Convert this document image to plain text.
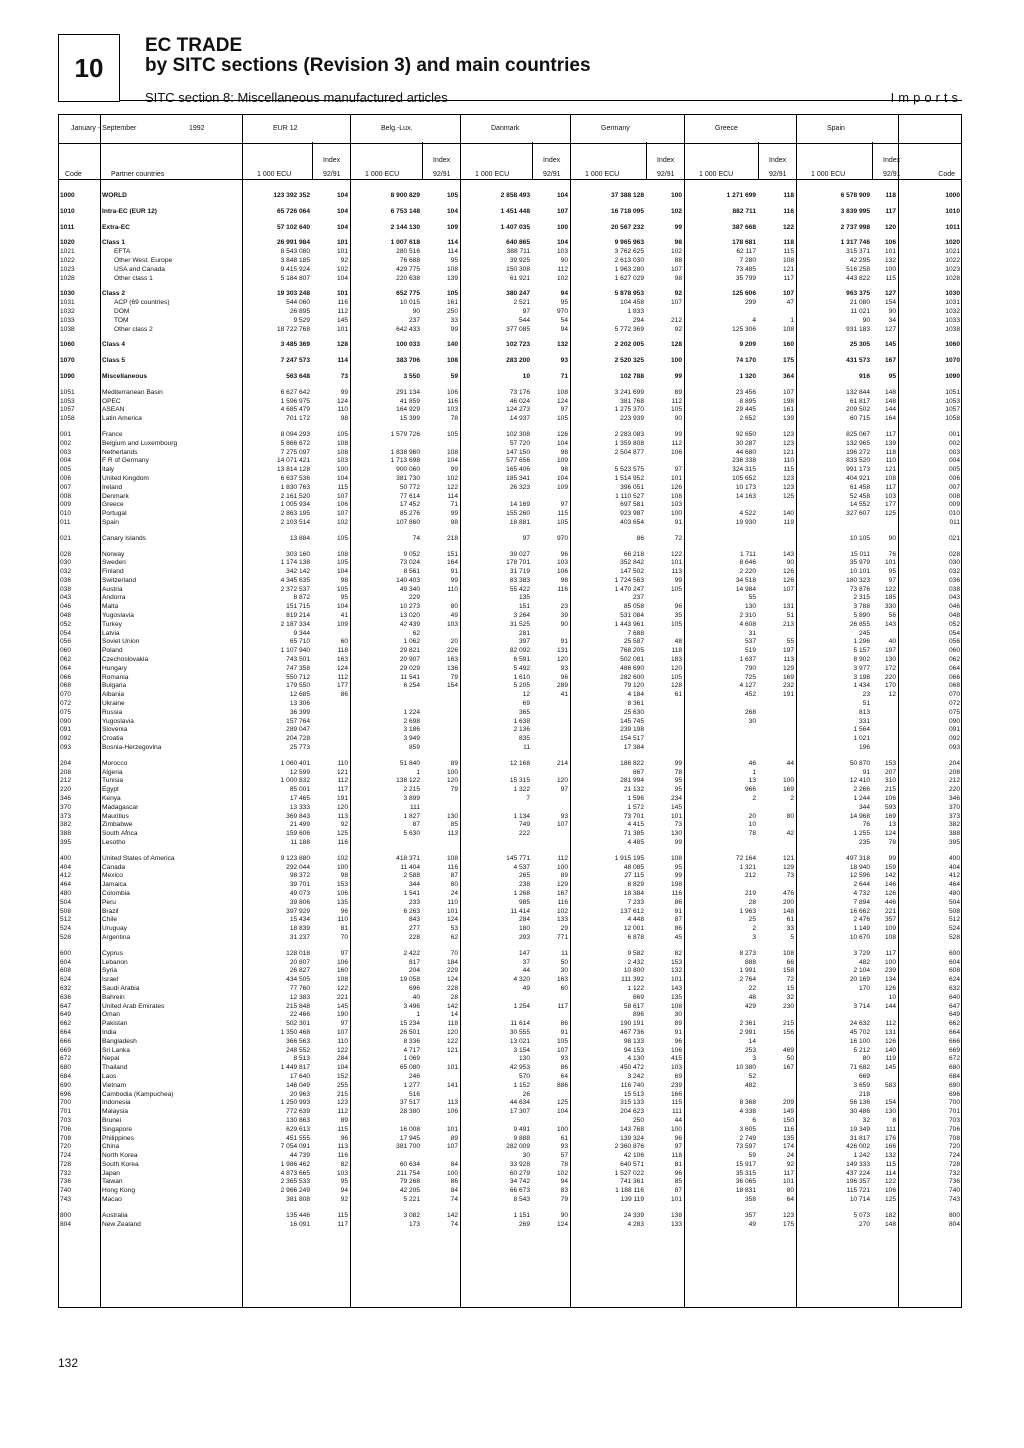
10
EC TRADE
by SITC sections (Revision 3) and main countries
SITC section 8: Miscellaneous manufactured articles	Imports
January - September	1992
Code	Partner countries
EUR 12	Belg.-Lux.	Danmark	Germany	Greece	Spain
Code
1 000 ECU
Index
92/91	1 000 ECU
Index
92/91	1 000 ECU
Index
92/91	1 000 ECU
Index
92/91	1 000 ECU
Index
92/91	1 000 ECU
Index
92/91
1000	WORLD	123 392 352	104	8 900 829	105	2 858 493	104	37 388 128	100	1 271 699	118	6 578 909	118	1000

1010	Intra-EC (EUR 12)	65 726 064	104	6 753 148	104	1 451 448	107	16 718 095	102	882 711	116	3 839 995	117	1010

1011	Extra-EC	57 102 640	104	2 144 130	109	1 407 035	100	20 567 232	99	387 668	122	2 737 998	120	1011

1020	Class 1	26 991 984	101	1 007 618	114	640 865	104	9 965 963	98	178 681	118	1 317 746	106	1020
1021	EFTA	8 543 080	101	280 516	114	388 711	103	3 762 625	102	62 117	115	315 371	101	1021
1022	Other West. Europe	3 848 185	92	76 688	95	39 925	90	2 613 030	88	7 280	108	42 295	132	1022
1023	USA and Canada	9 415 924	102	429 775	108	150 308	112	1 963 280	107	73 485	121	516 258	100	1023
1028	Other class 1	5 184 807	104	220 638	139	61 921	102	1 627 029	98	35 799	117	443 822	115	1028

1030	Class 2	19 303 248	101	652 775	105	380 247	94	5 878 953	92	125 606	107	963 375	127	1030
1031	ACP (69 countries)	544 060	116	10 015	161	2 521	95	104 458	107	299	47	21 080	154	1031
1032	DOM	26 895	112	90	250	97	970	1 833				11 021	90	1032
1033	TOM	9 529	145	237	33	544	54	294	212	4	1	90	34	1033
1038	Other class 2	18 722 768	101	642 433	99	377 085	94	5 772 369	92	125 306	108	931 183	127	1038

1060	Class 4	3 485 369	128	100 033	140	102 723	132	2 202 005	128	9 209	160	25 305	145	1060

1070	Class 5	7 247 573	114	383 706	108	283 200	93	2 520 325	100	74 170	175	431 573	167	1070

1090	Miscellaneous	563 648	73	3 550	59	10	71	102 788	99	1 320	364	916	95	1090

1051	Mediterranean Basin	6 627 642	99	291 134	106	73 176	108	3 241 699	89	23 456	107	132 844	148	1051
1053	OPEC	1 596 975	124	41 859	116	46 024	124	381 768	112	8 895	198	61 817	148	1053
1057	ASEAN	4 685 479	110	164 929	103	124 273	97	1 275 370	105	29 445	161	209 502	144	1057
1058	Latin America	701 172	98	15 399	78	14 937	105	223 939	90	2 652	139	60 715	164	1058

001	France	8 094 293	105	1 579 726	105	102 308	126	2 283 083	99	92 650	123	825 067	117	001
002	Belgium and Luxembourg	5 866 672	108			57 720	104	1 359 808	112	30 287	123	132 965	139	002
003	Netherlands	7 275 097	108	1 838 960	108	147 150	98	2 504 877	106	44 680	121	196 272	118	003
004	F R of Germany	14 071 421	103	1 713 698	104	577 656	109			236 338	110	833 520	110	004
005	Italy	13 814 128	100	900 060	99	165 406	98	5 523 575	97	324 315	115	991 173	121	005
006	United Kingdom	6 637 536	104	381 730	102	185 341	104	1 514 952	101	105 652	123	404 921	108	006
007	Ireland	1 830 763	115	50 772	122	26 323	109	396 051	126	10 173	123	61 458	117	007
008	Denmark	2 161 520	107	77 614	114			1 110 527	108	14 163	125	52 458	103	008
009	Greece	1 005 934	106	17 452	71	14 169	97	697 581	103			14 552	177	009
010	Portugal	2 863 195	107	85 276	99	155 260	115	923 987	100	4 522	140	327 607	125	010
011	Spain	2 103 514	102	107 860	98	18 881	105	403 654	91	19 930	119			011

021	Canary Islands	13 884	105	74	218	97	970	86	72			10 105	90	021

028	Norway	303 160	108	9 052	151	39 027	96	66 218	122	1 711	143	15 011	76	028
030	Sweden	1 174 138	105	73 024	164	178 701	103	352 842	101	8 646	90	35 979	101	030
032	Finland	342 142	104	8 561	91	31 719	106	147 502	113	2 220	126	10 101	95	032
036	Switzerland	4 345 635	98	140 403	99	83 383	98	1 724 563	99	34 518	126	180 323	97	036
038	Austria	2 372 537	105	49 340	110	55 422	116	1 470 247	105	14 984	107	73 876	122	038
043	Andorra	8 872	95	229		135		237		55		2 315	185	043
046	Malta	151 715	104	10 273	80	151	23	85 058	96	130	131	3 788	330	046
048	Yugoslavia	819 214	41	13 020	49	3 264	39	531 084	35	2 310	51	5 890	56	048
052	Turkey	2 187 334	109	42 439	103	31 525	90	1 443 961	105	4 608	213	26 855	143	052
054	Latvia	9 344		62		281		7 688		31		245		054
056	Soviet Union	65 710	60	1 062	20	397	91	25 587	48	537	55	1 296	40	056
060	Poland	1 107 940	118	29 821	226	82 092	131	768 205	118	519	197	5 157	197	060
062	Czechoslovakia	743 501	163	20 907	163	6 591	120	502 081	183	1 637	113	8 902	130	062
064	Hungary	747 358	124	29 029	136	5 492	93	486 690	120	790	129	3 977	172	064
066	Romania	550 712	112	11 541	79	1 610	96	282 600	105	725	169	3 198	220	066
068	Bulgaria	179 550	177	6 254	154	5 205	289	79 120	128	4 127	232	1 434	170	068
070	Albania	12 685	86			12	41	4 184	61	452	191	23	12	070
072	Ukraine	13 306				69		8 361				51		072
075	Russia	36 399		1 224		365		25 630		268		813		075
090	Yugoslavia	157 764		2 698		1 638		145 745		30		331		090
091	Slovenia	289 047		3 186		2 136		239 198				1 564		091
092	Croatia	204 728		3 949		835		154 517				1 021		092
093	Bosnia-Herzegovina	25 773		859		11		17 384				196		093

204	Morocco	1 060 401	110	51 840	89	12 168	214	186 822	99	46	44	50 870	153	204
208	Algeria	12 599	121	1	100			867	78	1		91	207	208
212	Tunisia	1 000 832	112	138 122	120	15 315	120	281 994	95	13	100	12 410	310	212
220	Egypt	85 001	117	2 215	79	1 322	97	21 132	95	966	169	2 266	215	220
346	Kenya	17 465	191	3 899		7		1 596	234	2	2	1 244	106	346
370	Madagascar	13 333	120	111				1 572	145			344	593	370
373	Mauritius	369 843	113	1 827	130	1 134	93	73 701	101	20	80	14 968	169	373
382	Zimbabwe	21 499	92	87	85	749	107	4 415	73	10		76	13	382
388	South Africa	159 606	125	5 630	113	222		71 385	130	78	42	1 255	124	388
395	Lesotho	11 188	116					4 485	99			235	78	395

400	United States of America	9 123 880	102	418 371	108	145 771	112	1 915 195	108	72 164	121	497 318	99	400
404	Canada	292 044	100	11 404	116	4 537	100	48 085	95	1 321	129	18 940	159	404
412	Mexico	98 372	98	2 588	87	265	89	27 115	99	212	73	12 596	142	412
464	Jamaica	39 701	153	344	80	238	129	8 829	198			2 644	146	464
480	Colombia	49 073	106	1 541	24	1 268	167	18 384	116	219	476	4 732	126	480
504	Peru	39 806	135	233	110	985	116	7 233	86	28	200	7 894	446	504
508	Brazil	397 929	96	6 263	101	11 414	102	137 612	91	1 963	148	16 662	221	508
512	Chile	15 434	110	843	124	284	133	4 448	87	25	61	2 476	357	512
524	Uruguay	18 839	81	277	53	180	29	12 001	86	2	33	1 149	109	524
528	Argentina	31 237	70	228	62	293	771	6 878	45	3	5	10 670	108	528

600	Cyprus	128 018	97	2 422	70	147	11	9 582	82	8 273	108	3 729	117	600
604	Lebanon	20 807	106	817	184	37	50	2 432	153	888	66	482	100	604
608	Syria	26 827	160	204	229	44	30	10 800	132	1 991	158	2 104	239	608
624	Israel	434 505	108	19 058	124	4 320	163	111 392	101	2 764	72	20 169	134	624
632	Saudi Arabia	77 760	122	696	228	49	60	1 122	143	22	15	170	126	632
636	Bahrein	12 383	221	40	28			669	135	48	32		10	640
647	United Arab Emirates	215 848	145	3 496	142	1 254	117	58 617	108	429	230	3 714	144	647
649	Oman	22 466	190	1	14			896	30					649
662	Pakistan	502 301	97	15 234	118	11 614	86	190 191	89	2 361	215	24 632	112	662
664	India	1 350 468	107	26 501	120	30 555	91	467 736	91	2 991	156	45 702	131	664
666	Bangladesh	366 563	110	8 336	122	13 021	105	98 133	96	14		16 100	126	666
669	Sri Lanka	248 552	122	4 717	121	3 154	107	94 153	106	253	469	5 212	140	669
672	Nepal	8 513	284	1 069		130	93	4 130	415	3	50	80	119	672
680	Thailand	1 449 817	104	65 080	101	42 953	86	450 472	103	10 380	167	71 682	145	680
684	Laos	17 640	152	246		570	64	3 242	69	52		669		684
690	Vietnam	146 049	255	1 277	141	1 152	886	116 740	239	482		3 659	583	690
696	Cambodia (Kampuchea)	20 963	215	516		26		15 513	166			218		696
700	Indonesia	1 250 993	123	37 517	113	44 634	125	315 133	115	8 368	209	56 136	154	700
701	Malaysia	772 639	112	28 380	106	17 307	104	204 623	111	4 338	149	30 486	130	701
703	Brunei	130 863	89					250	44	6	150	32	8	703
706	Singapore	629 613	115	16 008	101	9 491	100	143 768	100	3 605	116	19 349	111	706
708	Philippines	451 555	96	17 945	89	9 888	61	139 324	96	2 749	135	31 817	176	708
720	China	7 054 091	113	381 700	107	282 009	93	2 360 876	97	73 597	174	426 002	166	720
724	North Korea	44 739	116			30	57	42 106	118	59	24	1 242	132	724
728	South Korea	1 986 462	82	60 634	84	33 928	78	640 571	81	15 917	92	149 333	115	728
732	Japan	4 873 665	103	211 754	100	60 279	102	1 527 022	96	35 315	117	437 224	114	732
736	Taiwan	2 365 533	95	79 268	86	34 742	94	741 361	85	36 065	101	196 357	122	736
740	Hong Kong	2 966 249	94	42 205	84	66 673	83	1 188 116	87	18 831	80	115 721	106	740
743	Macao	381 808	92	5 221	74	8 543	79	139 119	101	358	64	10 714	125	743

800	Australia	135 446	115	3 082	142	1 151	90	24 339	138	357	123	5 073	182	800
804	New Zealand	16 091	117	173	74	269	124	4 283	133	49	175	270	148	804
132
